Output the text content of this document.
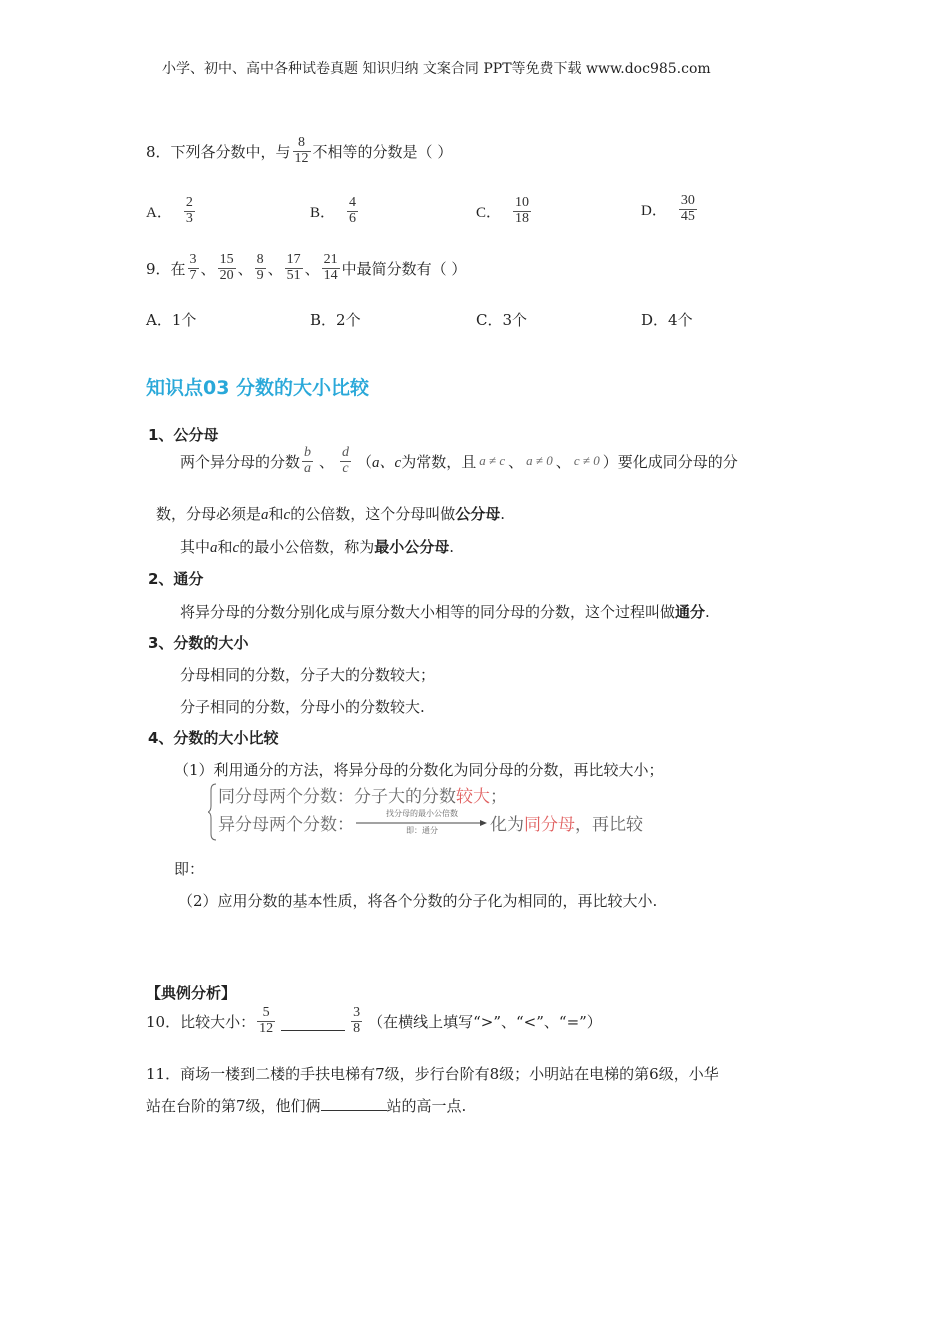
小学、初中、高中各种试卷真题 知识归纳 文案合同 PPT等免费下载 www.doc985.com
8．下列各分数中，与 $\frac{8}{12}$ 不相等的分数是（ ）
A． $\frac{2}{3}$	B． $\frac{4}{6}$	C． $\frac{10}{18}$	D． $\frac{30}{45}$
9．在 $\frac{3}{7}$ 、 $\frac{15}{20}$ 、 $\frac{8}{9}$ 、 $\frac{17}{51}$ 、 $\frac{21}{14}$ 中最简分数有（ ）
A．1个	B．2个	C．3个	D．4个
知识点03 分数的大小比较
1、公分母
两个异分母的分数 $\frac{b}{a}$ 、 $\frac{d}{c}$ （ a、c 为常数，且 a ≠ c 、 a ≠ 0 、 c ≠ 0 ）要化成同分母的分
数，分母必须是a和c的公倍数，这个分母叫做公分母.
其中a和c的最小公倍数，称为最小公分母.
2、通分
将异分母的分数分别化成与原分数大小相等的同分母的分数，这个过程叫做通分.
3、分数的大小
分母相同的分数，分子大的分数较大；
分子相同的分数，分母小的分数较大.
4、分数的大小比较
（1）利用通分的方法，将异分母的分数化为同分母的分数，再比较大小；
同分母两个分数：分子大的分数较大；
异分母两个分数：
找分母的最小公倍数
即：通分	化为 同分母 ，再比较
即：
（2）应用分数的基本性质，将各个分数的分子化为相同的，再比较大小.
【典例分析】
10．比较大小： $\frac{5}{12}$	$\frac{3}{8}$ （在横线上填写“>”、“<”、“=”）
11．商场一楼到二楼的手扶电梯有7级，步行台阶有8级；小明站在电梯的第6级，小华
站在台阶的第7级，他们俩	站的高一点.
